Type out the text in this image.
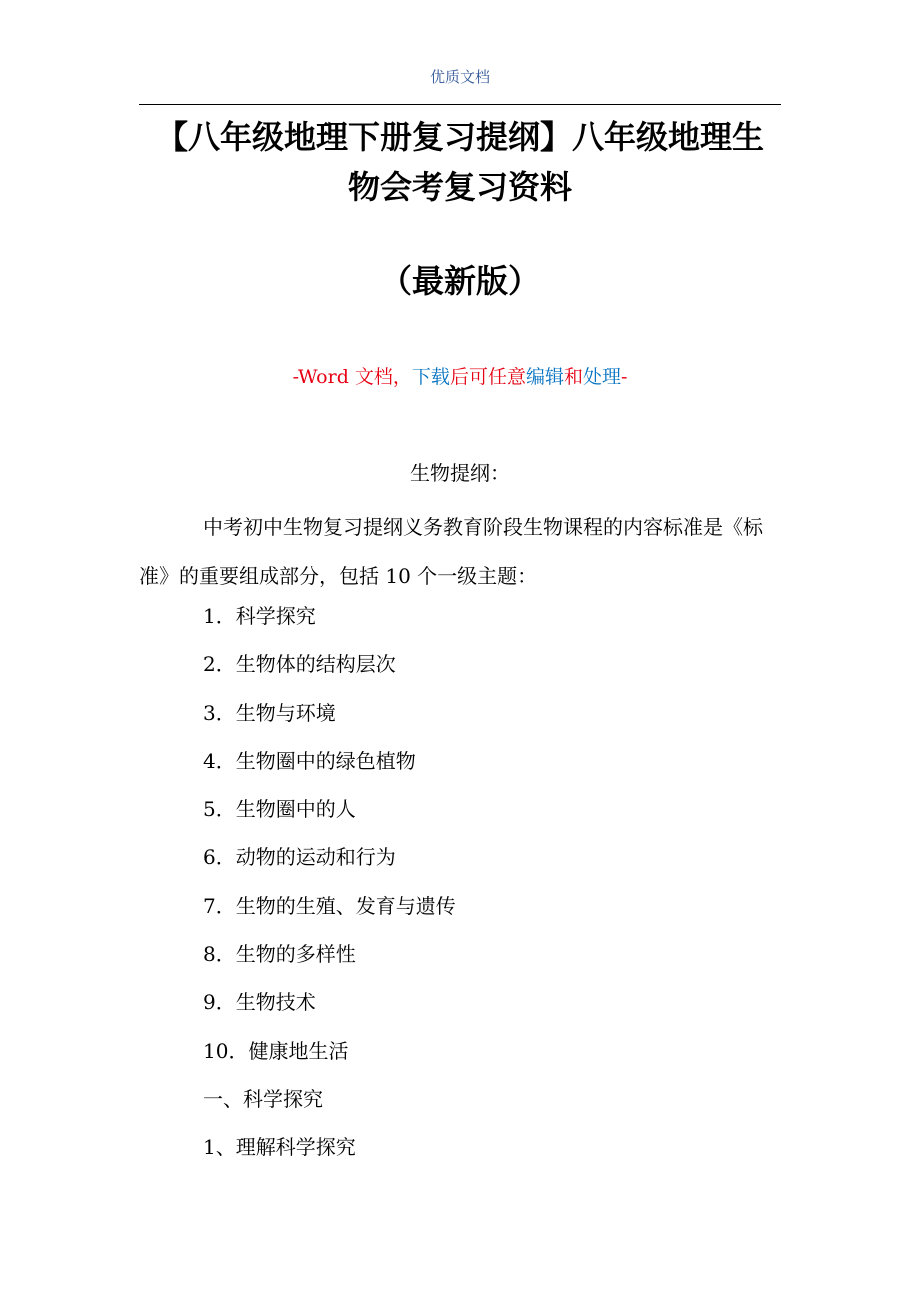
优质文档
【八年级地理下册复习提纲】八年级地理生
物会考复习资料
（最新版）
-Word 文档，下载后可任意编辑和处理-
生物提纲：
中考初中生物复习提纲义务教育阶段生物课程的内容标准是《标准》的重要组成部分，包括 10 个一级主题：
1．科学探究
2．生物体的结构层次
3．生物与环境
4．生物圈中的绿色植物
5．生物圈中的人
6．动物的运动和行为
7．生物的生殖、发育与遗传
8．生物的多样性
9．生物技术
10．健康地生活
一、科学探究
1、理解科学探究
